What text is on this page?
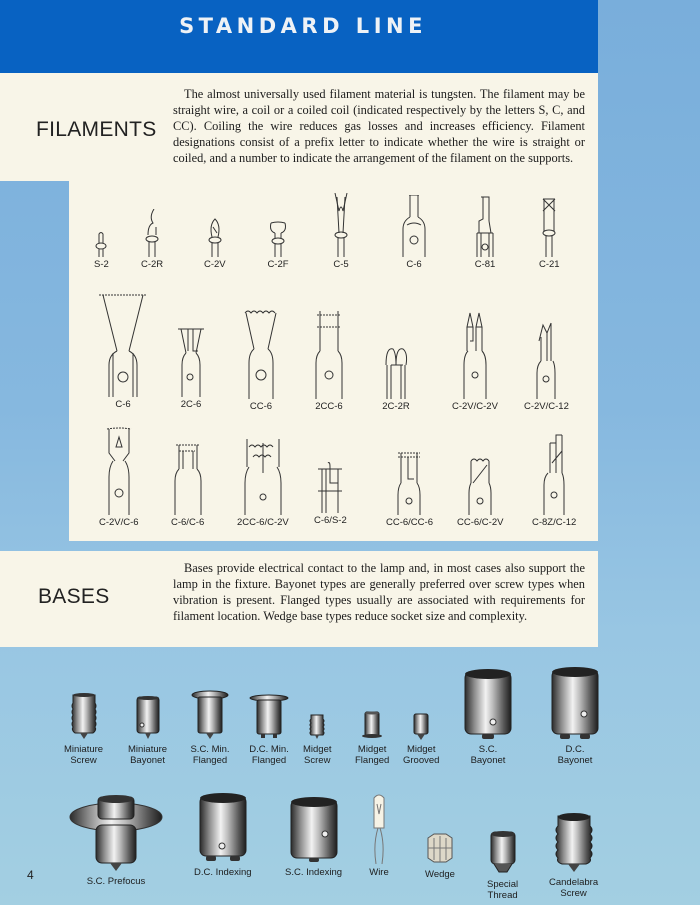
STANDARD LINE
FILAMENTS
The almost universally used filament material is tungsten. The filament may be straight wire, a coil or a coiled coil (indicated respectively by the letters S, C, and CC). Coiling the wire reduces gas losses and increases efficiency. Filament designations consist of a prefix letter to indicate whether the wire is straight or coiled, and a number to indicate the arrangement of the filament on the supports.
S-2	C-2R	C-2V	C-2F	C-5	C-6	C-81	C-21
C-6	2C-6	CC-6	2CC-6	2C-2R	C-2V/C-2V	C-2V/C-12
C-2V/C-6	C-6/C-6	2CC-6/C-2V	C-6/S-2	CC-6/CC-6	CC-6/C-2V	C-8Z/C-12
BASES
Bases provide electrical contact to the lamp and, in most cases also support the lamp in the fixture. Bayonet types are generally preferred over screw types when vibration is present. Flanged types usually are associated with requirements for filament location. Wedge base types reduce socket size and complexity.
Miniature
Screw
Miniature
Bayonet
S.C. Min.
Flanged
D.C. Min.
Flanged
Midget
Screw
Midget
Flanged
Midget
Grooved
S.C.
Bayonet
D.C.
Bayonet
S.C. Prefocus
D.C. Indexing	S.C. Indexing	Wire	Wedge
Special
Thread
Candelabra
Screw
4
